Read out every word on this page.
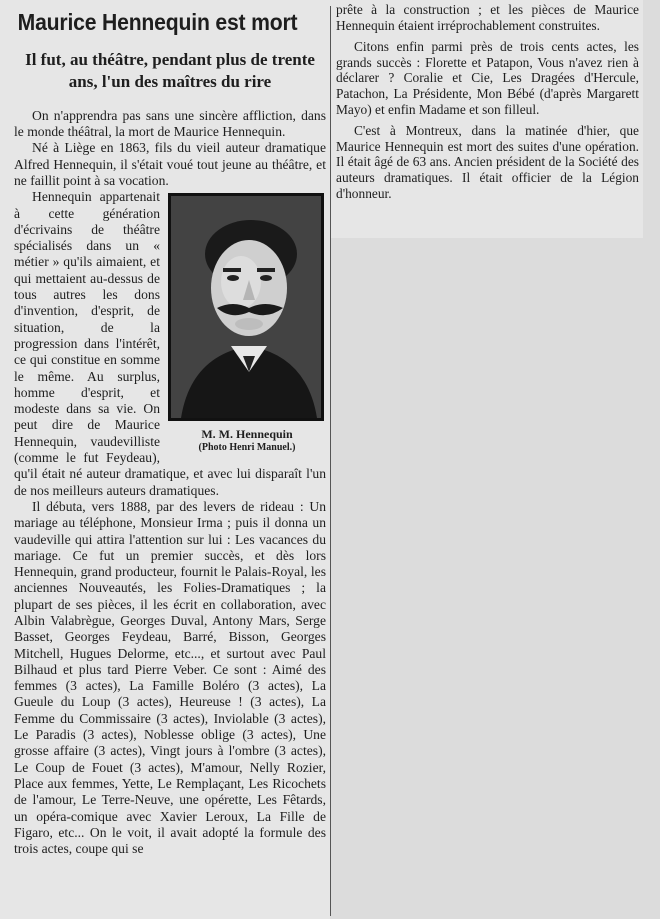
Maurice Hennequin est mort
Il fut, au théâtre, pendant plus de trente ans, l'un des maîtres du rire

On n'apprendra pas sans une sincère affliction, dans le monde théâtral, la mort de Maurice Hennequin.

Né à Liège en 1863, fils du vieil auteur dramatique Alfred Hennequin, il s'était voué tout jeune au théâtre, et ne faillit point à sa vocation.

M. M. Hennequin
(Photo Henri Manuel.)

Hennequin appartenait à cette génération d'écrivains de théâtre spécialisés dans un « métier » qu'ils aimaient, et qui mettaient au-dessus de tous autres les dons d'invention, d'esprit, de situation, de la progression dans l'intérêt, ce qui constitue en somme le même. Au surplus, homme d'esprit, et modeste dans sa vie. On peut dire de Maurice Hennequin, vaudevilliste (comme le fut Feydeau), qu'il était né auteur dramatique, et avec lui disparaît l'un de nos meilleurs auteurs dramatiques.

Il débuta, vers 1888, par des levers de rideau : Un mariage au téléphone, Monsieur Irma ; puis il donna un vaudeville qui attira l'attention sur lui : Les vacances du mariage. Ce fut un premier succès, et dès lors Hennequin, grand producteur, fournit le Palais-Royal, les anciennes Nouveautés, les Folies-Dramatiques ; la plupart de ses pièces, il les écrit en collaboration, avec Albin Valabrègue, Georges Duval, Antony Mars, Serge Basset, Georges Feydeau, Barré, Bisson, Georges Mitchell, Hugues Delorme, etc..., et surtout avec Paul Bilhaud et plus tard Pierre Veber. Ce sont : Aimé des femmes (3 actes), La Famille Boléro (3 actes), La Gueule du Loup (3 actes), Heureuse ! (3 actes), La Femme du Commissaire (3 actes), Inviolable (3 actes), Le Paradis (3 actes), Noblesse oblige (3 actes), Une grosse affaire (3 actes), Vingt jours à l'ombre (3 actes), Le Coup de Fouet (3 actes), M'amour, Nelly Rozier, Place aux femmes, Yette, Le Remplaçant, Les Ricochets de l'amour, Le Terre-Neuve, une opérette, Les Fêtards, un opéra-comique avec Xavier Leroux, La Fille de Figaro, etc... On le voit, il avait adopté la formule des trois actes, coupe qui se

prête à la construction ; et les pièces de Maurice Hennequin étaient irréprochablement construites.

Citons enfin parmi près de trois cents actes, les grands succès : Florette et Patapon, Vous n'avez rien à déclarer ? Coralie et Cie, Les Dragées d'Hercule, Patachon, La Présidente, Mon Bébé (d'après Margarett Mayo) et enfin Madame et son filleul.

C'est à Montreux, dans la matinée d'hier, que Maurice Hennequin est mort des suites d'une opération. Il était âgé de 63 ans. Ancien président de la Société des auteurs dramatiques. Il était officier de la Légion d'honneur.
